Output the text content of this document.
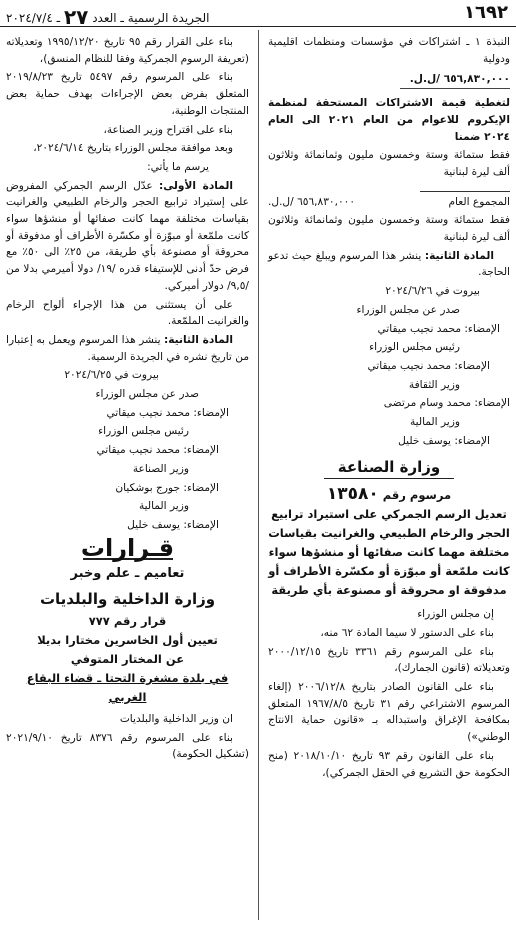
١٦٩٢
الجريدة الرسمية ـ العدد ٢٧ ـ ٢٠٢٤/٧/٤

النبذة ١ ـ اشتراكات في مؤسسات ومنظمات اقليمية ودولية

٦٥٦,٨٣٠,٠٠٠ /ل.ل.

لتغطية قيمة الاشتراكات المستحقة لمنظمة الإيكروم للاعوام من العام ٢٠٢١ الى العام ٢٠٢٤ ضمنا

فقط ستمائة وستة وخمسون مليون وثمانمائة وثلاثون ألف ليرة لبنانية

المجموع العام
٦٥٦,٨٣٠,٠٠٠ /ل.ل.

فقط ستمائة وستة وخمسون مليون وثمانمائة وثلاثون ألف ليرة لبنانية

المادة الثانية: ينشر هذا المرسوم ويبلغ حيث تدعو الحاجة.

بيروت في ٢٠٢٤/٦/٢٦

صدر عن مجلس الوزراء

الإمضاء: محمد نجيب ميقاتي

رئيس مجلس الوزراء

الإمضاء: محمد نجيب ميقاتي

وزير الثقافة

الإمضاء: محمد وسام مرتضى

وزير المالية

الإمضاء: يوسف خليل

وزارة الصناعة
مرسوم رقم ١٣٥٨٠
تعديل الرسم الجمركي على استيراد ترابيع الحجر والرخام الطبيعي والغرانيت بقياسات مختلفة مهما كانت صفائها أو منشؤها سواء كانت ملمّعة أو مبوّزة أو مكسّرة الأطراف أو مدفوقة او محروقة أو مصنوعة بأي طريقة

إن مجلس الوزراء

بناء على الدستور لا سيما المادة ٦٢ منه،

بناء على المرسوم رقم ٣٣٦١ تاريخ ٢٠٠٠/١٢/١٥ وتعديلاته (قانون الجمارك)،

بناء على القانون الصادر بتاريخ ٢٠٠٦/١٢/٨ (إلغاء المرسوم الاشتراعي رقم ٣١ تاريخ ١٩٦٧/٨/٥ المتعلق بمكافحة الإغراق واستبداله بـ «قانون حماية الانتاج الوطني»)

بناء على القانون رقم ٩٣ تاريخ ٢٠١٨/١٠/١٠ (منح الحكومة حق التشريع في الحقل الجمركي)،

بناء على القرار رقم ٩٥ تاريخ ١٩٩٥/١٢/٢٠ وتعديلاته (تعريفة الرسوم الجمركية وفقا للنظام المنسق)،

بناء على المرسوم رقم ٥٤٩٧ تاريخ ٢٠١٩/٨/٢٣ المتعلق بفرض بعض الإجراءات بهدف حماية بعض المنتجات الوطنية،

بناء على اقتراح وزير الصناعة،

وبعد موافقة مجلس الوزراء بتاريخ ٢٠٢٤/٦/١٤،

يرسم ما يأتي:

المادة الأولى: عدّل الرسم الجمركي المفروض على إستيراد ترابيع الحجر والرخام الطبيعي والغرانيت بقياسات مختلفة مهما كانت صفائها أو منشؤها سواء كانت ملمّعة أو مبوّزة أو مكسّرة الأطراف أو مدفوقة أو محروقة أو مصنوعة بأي طريقة، من ٢٥٪ الى ٥٠٪ مع فرض حدّ أدنى للإستيفاء قدره /١٩/ دولا أميرمي بدلا من /٩,٥/ دولار أميركي.

على أن يستثنى من هذا الإجراء ألواح الرخام والغرانيت الملمّعة.

المادة الثانية: ينشر هذا المرسوم ويعمل به إعتبارا من تاريخ نشره في الجريدة الرسمية.

بيروت في ٢٠٢٤/٦/٢٥

صدر عن مجلس الوزراء

الإمضاء: محمد نجيب ميقاتي

رئيس مجلس الوزراء

الإمضاء: محمد نجيب ميقاتي

وزير الصناعة

الإمضاء: جورج بوشكيان

وزير المالية

الإمضاء: يوسف خليل

قـرارات
تعاميم ـ علم وخبر
وزارة الداخلية والبلديات
قرار رقم ٧٧٧
تعيين أول الخاسرين مختارا بديلا
عن المختار المتوفي
في بلدة مشغرة التحتا ـ قضاء البقاع الغربي

ان وزير الداخلية والبلديات

بناء على المرسوم رقم ٨٣٧٦ تاريخ ٢٠٢١/٩/١٠ (تشكيل الحكومة)
